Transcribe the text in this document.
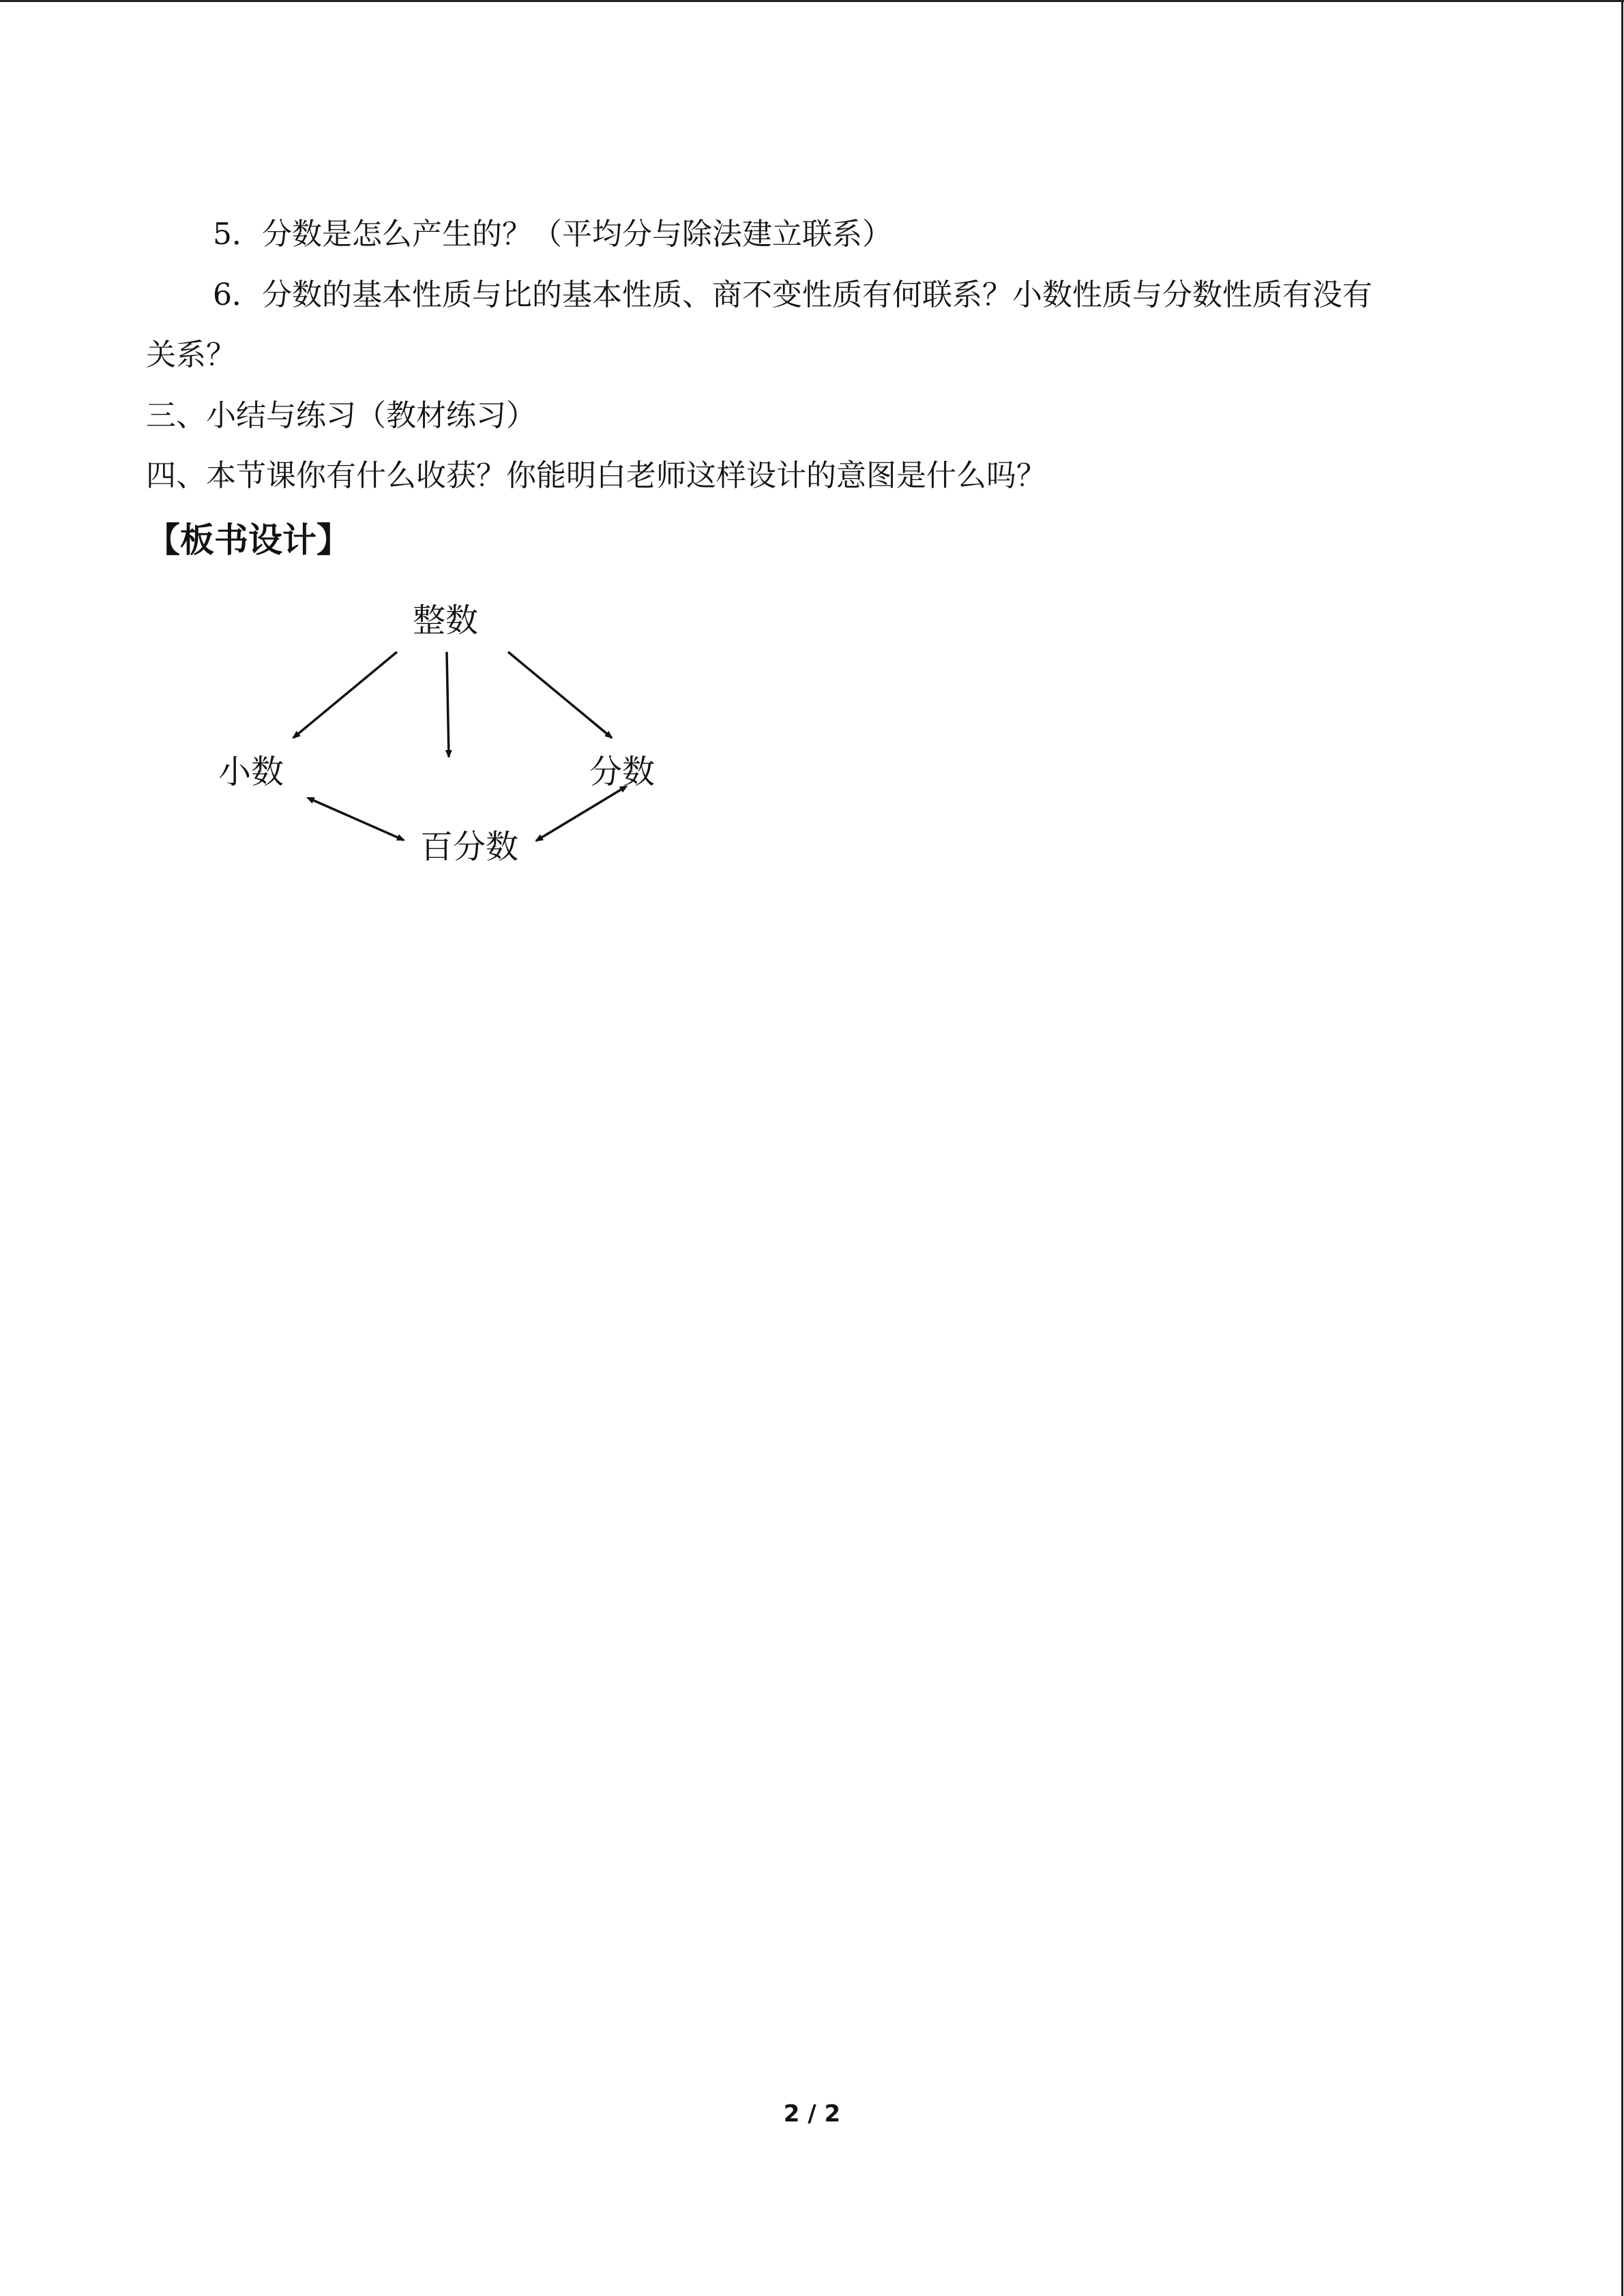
5．分数是怎么产生的？（平均分与除法建立联系）
6．分数的基本性质与比的基本性质、商不变性质有何联系？小数性质与分数性质有没有
关系？
三、小结与练习（教材练习）
四、本节课你有什么收获？你能明白老师这样设计的意图是什么吗？
【板书设计】
整数
小数	分数
百分数
2 / 2
